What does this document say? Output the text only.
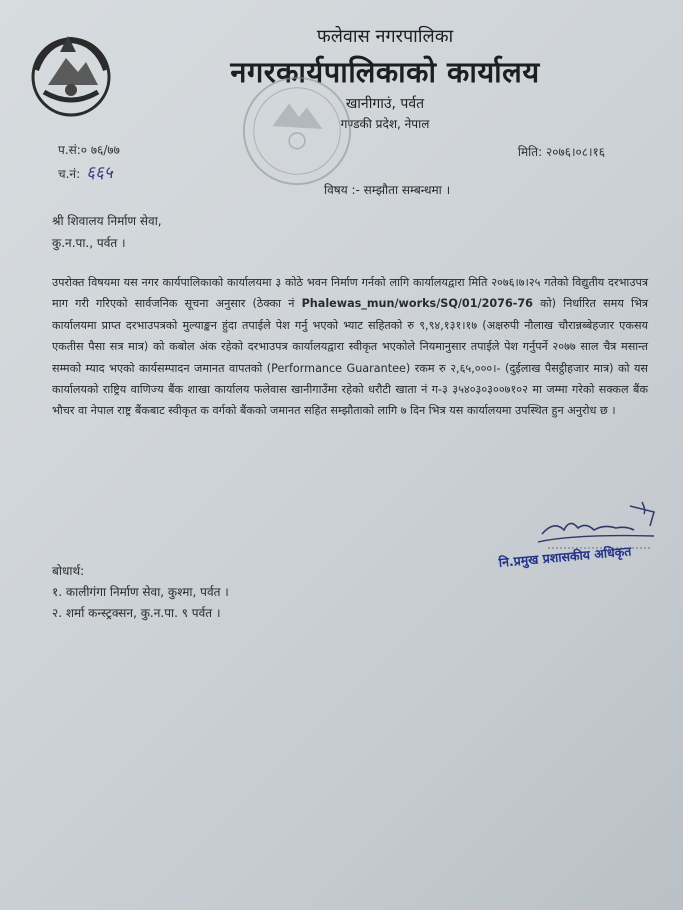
फलेवास नगरपालिका
नगरकार्यपालिकाको कार्यालय
खानीगाउं, पर्वत
गण्डकी प्रदेश, नेपाल
प.सं:० ७६/७७
च.नं: ६६५
मिति: २०७६।०८।१६
विषय :- सम्झौता सम्बन्धमा ।
श्री शिवालय निर्माण सेवा,
कु.न.पा., पर्वत ।
उपरोक्त विषयमा यस नगर कार्यपालिकाको कार्यालयमा ३ कोठे भवन निर्माण गर्नको लागि कार्यालयद्वारा मिति २०७६।७।२५ गतेको विद्युतीय दरभाउपत्र माग गरी गरिएको सार्वजनिक सूचना अनुसार (ठेक्का नं Phalewas_mun/works/SQ/01/2076-76 को) निर्धारित समय भित्र कार्यालयमा प्राप्त दरभाउपत्रको मुल्याङ्कन हुंदा तपाईले पेश गर्नु भएको भ्याट सहितको रु ९,९४,१३१।१७ (अक्षरुपी नौलाख चौरान्नब्बेहजार एकसय एकतीस पैसा सत्र मात्र) को कबोल अंक रहेको दरभाउपत्र कार्यालयद्वारा स्वीकृत भएकोले नियमानुसार तपाईले पेश गर्नुपर्ने २०७७ साल चैत्र मसान्त सम्मको म्याद भएको कार्यसम्पादन जमानत वापतको (Performance Guarantee) रकम रु २,६५,०००।- (दुईलाख पैसट्ठीहजार मात्र) को यस कार्यालयको राष्ट्रिय वाणिज्य बैंक शाखा कार्यालय फलेवास खानीगाउँमा रहेको धरौटी खाता नं ग-३ ३५४०३०३००७१०२ मा जम्मा गरेको सक्कल बैंक भौचर वा नेपाल राष्ट्र बैंकबाट स्वीकृत क वर्गको बैंकको जमानत सहित सम्झौताको लागि ७ दिन भित्र यस कार्यालयमा उपस्थित हुन अनुरोध छ ।
नि.प्रमुख प्रशासकीय अधिकृत
बोधार्थ:
१. कालीगंगा निर्माण सेवा, कुश्मा, पर्वत ।
२. शर्मा कन्स्ट्रक्सन, कु.न.पा. ९ पर्वत ।
